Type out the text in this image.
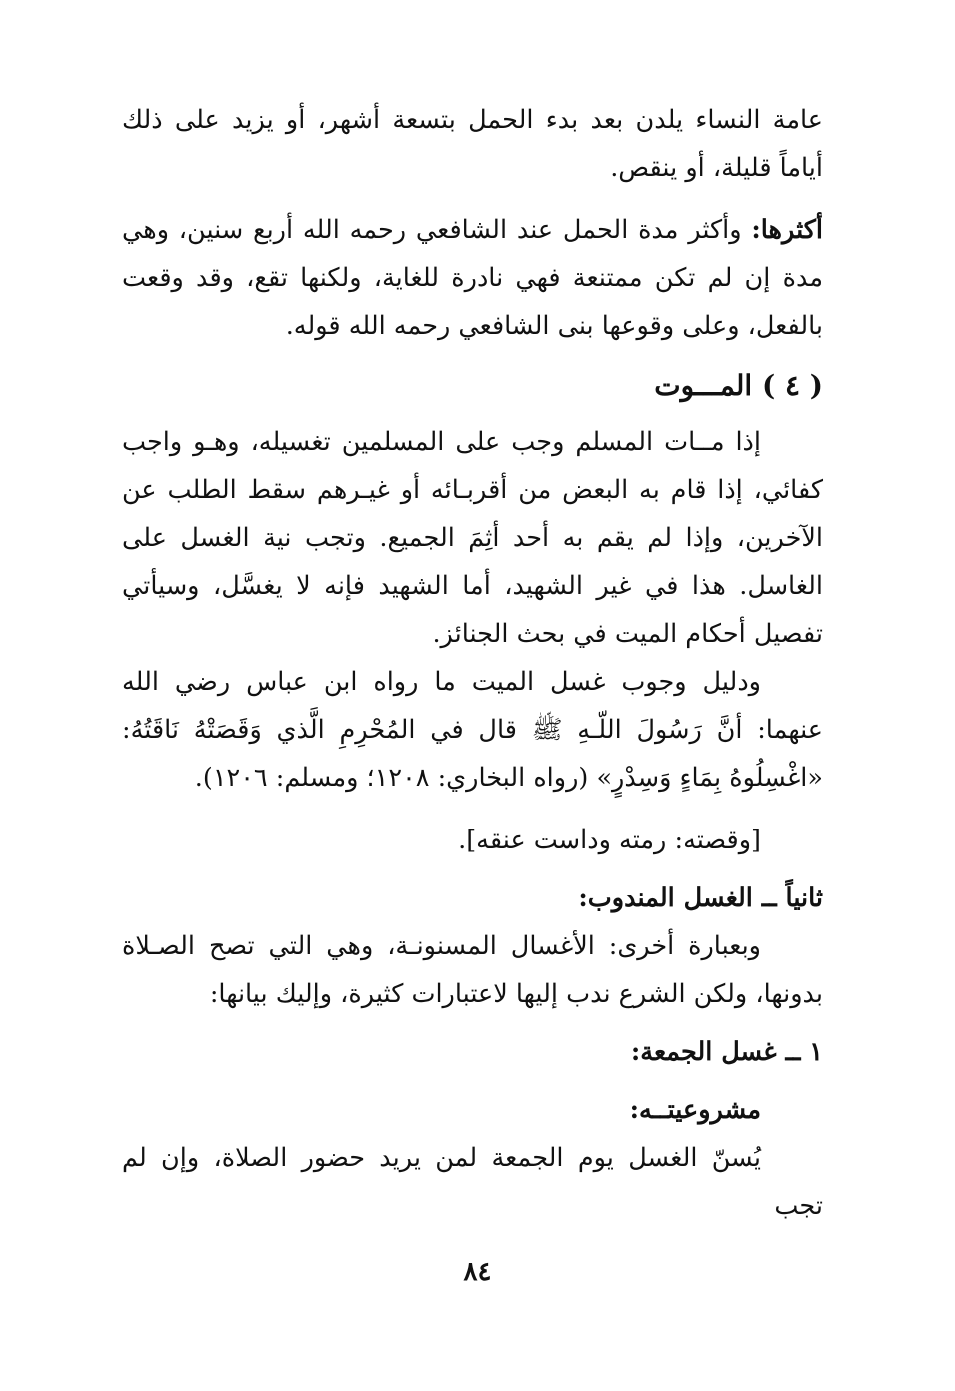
عامة النساء يلدن بعد بدء الحمل بتسعة أشهر، أو يزيد على ذلك أياماً قليلة، أو ينقص.

أكثرها: وأكثر مدة الحمل عند الشافعي رحمه الله أربع سنين، وهي مدة إن لم تكن ممتنعة فهي نادرة للغاية، ولكنها تقع، وقد وقعت بالفعل، وعلى وقوعها بنى الشافعي رحمه الله قوله.

( ٤ ) المـــوت

إذا مــات المسلم وجب على المسلمين تغسيله، وهـو واجب كفائي، إذا قام به البعض من أقربـائه أو غيـرهم سقط الطلب عن الآخرين، وإذا لم يقم به أحد أثِمَ الجميع. وتجب نية الغسل على الغاسل. هذا في غير الشهيد، أما الشهيد فإنه لا يغسَّل، وسيأتي تفصيل أحكام الميت في بحث الجنائز.

ودليل وجوب غسل الميت ما رواه ابن عباس رضي الله عنهما: أنَّ رَسُولَ اللّـهِ ﷺ قال في المُحْرِمِ الَّذي وَقَصَتْهُ نَاقَتُهُ: «اغْسِلُوهُ بِمَاءٍ وَسِدْرٍ» (رواه البخاري: ١٢٠٨؛ ومسلم: ١٢٠٦).

[وقصته: رمته وداست عنقه].

ثانياً ــ الغسل المندوب:

وبعبارة أخرى: الأغسال المسنونـة، وهي التي تصح الصـلاة بدونها، ولكن الشرع ندب إليها لاعتبارات كثيرة، وإليك بيانها:

١ ــ غسل الجمعة:
مشروعيتــه:

يُسنّ الغسل يوم الجمعة لمن يريد حضور الصلاة، وإن لم تجب

٨٤
